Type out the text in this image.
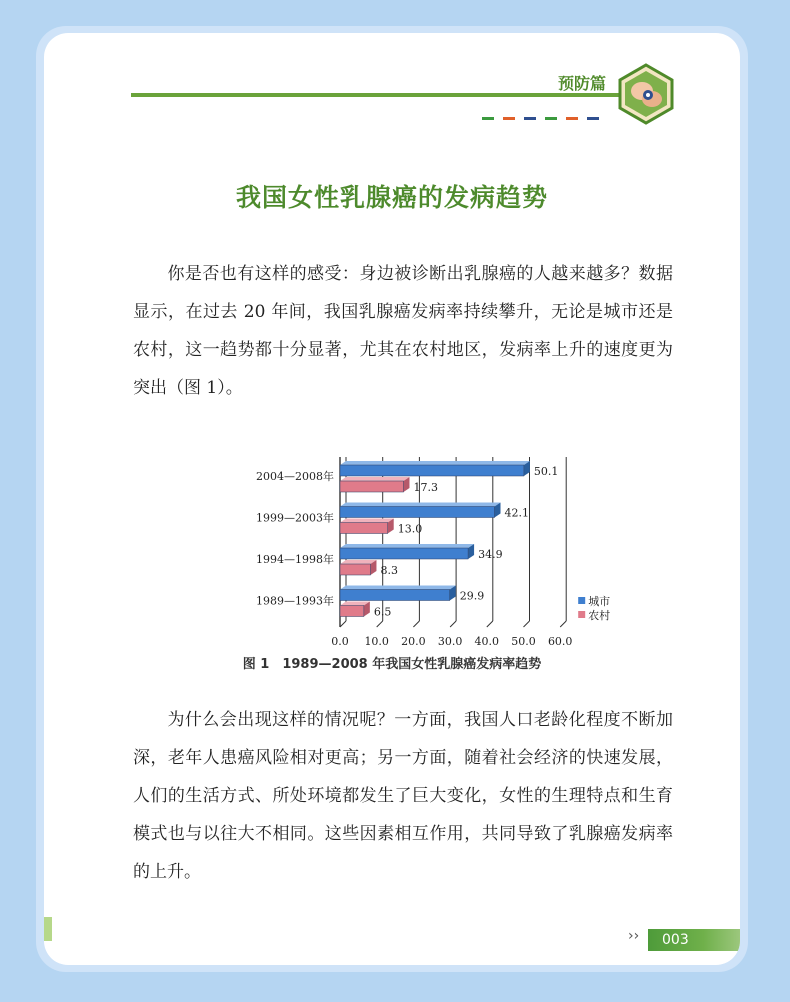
预防篇
我国女性乳腺癌的发病趋势
你是否也有这样的感受：身边被诊断出乳腺癌的人越来越多？数据显示，在过去 20 年间，我国乳腺癌发病率持续攀升，无论是城市还是农村，这一趋势都十分显著，尤其在农村地区，发病率上升的速度更为突出（图 1）。
0.0 10.0 20.0 30.0 40.0 50.0 60.0
2004—2008年	50.1
17.3
1999—2003年	42.1
13.0
1994—1998年	34.9
8.3
1989—1993年	29.9
6.5
城市
农村
图 1　1989—2008 年我国女性乳腺癌发病率趋势
为什么会出现这样的情况呢？一方面，我国人口老龄化程度不断加深，老年人患癌风险相对更高；另一方面，随着社会经济的快速发展，人们的生活方式、所处环境都发生了巨大变化，女性的生理特点和生育模式也与以往大不相同。这些因素相互作用，共同导致了乳腺癌发病率的上升。
››	003
